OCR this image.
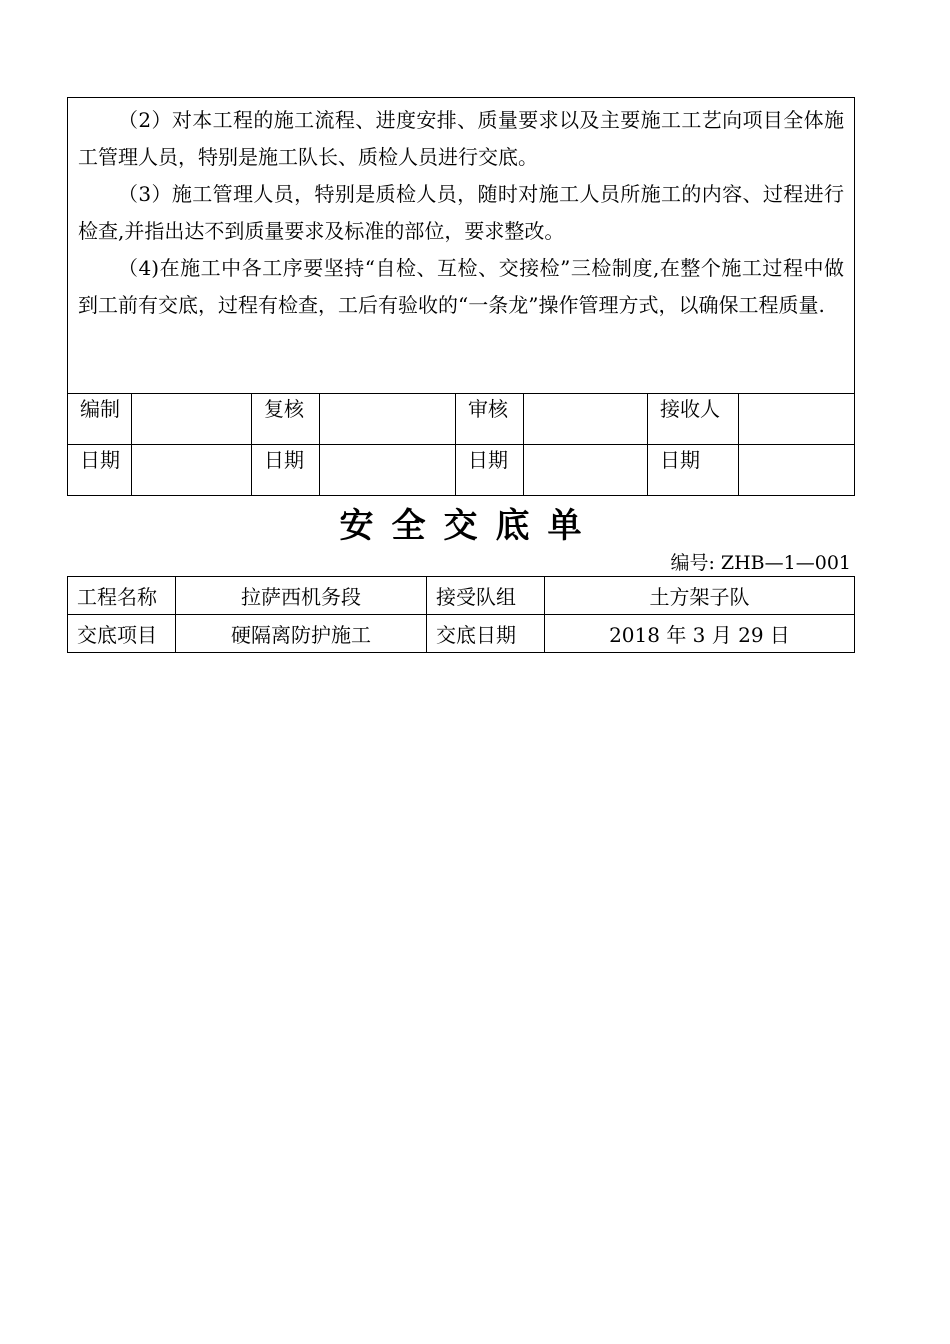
（2）对本工程的施工流程、进度安排、质量要求以及主要施工工艺向项目全体施工管理人员，特别是施工队长、质检人员进行交底。

（3）施工管理人员，特别是质检人员，随时对施工人员所施工的内容、过程进行检查,并指出达不到质量要求及标准的部位，要求整改。

（4)在施工中各工序要坚持“自检、互检、交接检”三检制度,在整个施工过程中做到工前有交底，过程有检查，工后有验收的“一条龙”操作管理方式，以确保工程质量.

编制		复核		审核		接收人	
日期		日期		日期		日期	
安全交底单
编号: ZHB—1—001
工程名称	拉萨西机务段	接受队组	土方架子队
交底项目	硬隔离防护施工	交底日期	2018 年 3 月 29 日
